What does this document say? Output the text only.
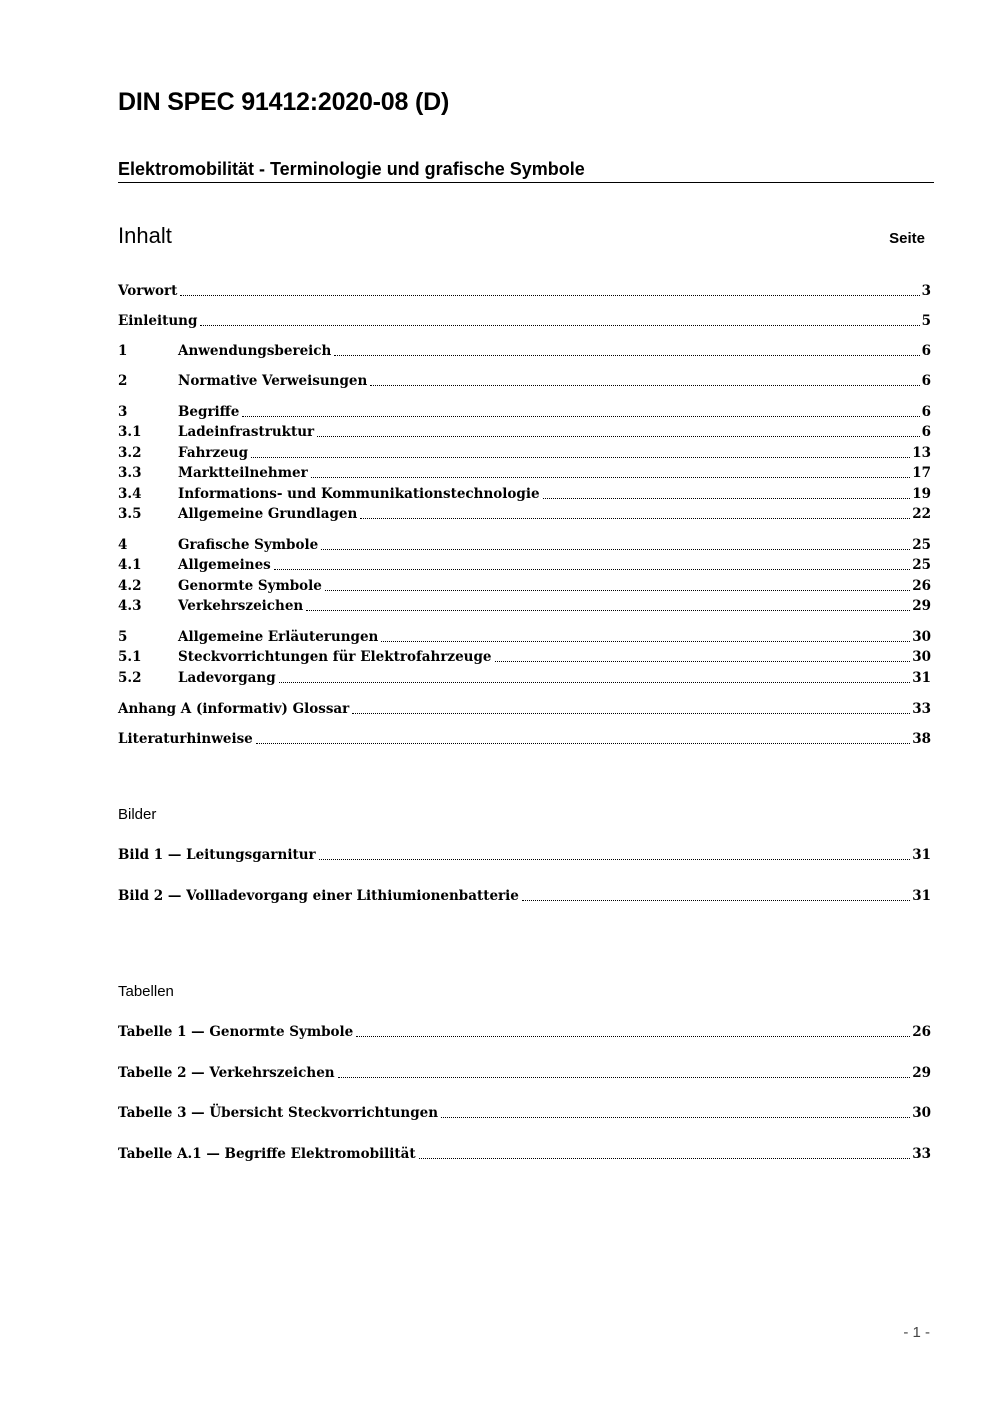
DIN SPEC 91412:2020-08 (D)
Elektromobilität - Terminologie und grafische Symbole
Inhalt	Seite
Vorwort	3
Einleitung	5
1	Anwendungsbereich	6
2	Normative Verweisungen	6
3	Begriffe	6
3.1	Ladeinfrastruktur	6
3.2	Fahrzeug	13
3.3	Marktteilnehmer	17
3.4	Informations- und Kommunikationstechnologie	19
3.5	Allgemeine Grundlagen	22
4	Grafische Symbole	25
4.1	Allgemeines	25
4.2	Genormte Symbole	26
4.3	Verkehrszeichen	29
5	Allgemeine Erläuterungen	30
5.1	Steckvorrichtungen für Elektrofahrzeuge	30
5.2	Ladevorgang	31
Anhang A (informativ) Glossar	33
Literaturhinweise	38
Bilder
Bild 1 — Leitungsgarnitur	31
Bild 2 — Vollladevorgang einer Lithiumionenbatterie	31
Tabellen
Tabelle 1 — Genormte Symbole	26
Tabelle 2 — Verkehrszeichen	29
Tabelle 3 — Übersicht Steckvorrichtungen	30
Tabelle A.1 — Begriffe Elektromobilität	33
- 1 -
